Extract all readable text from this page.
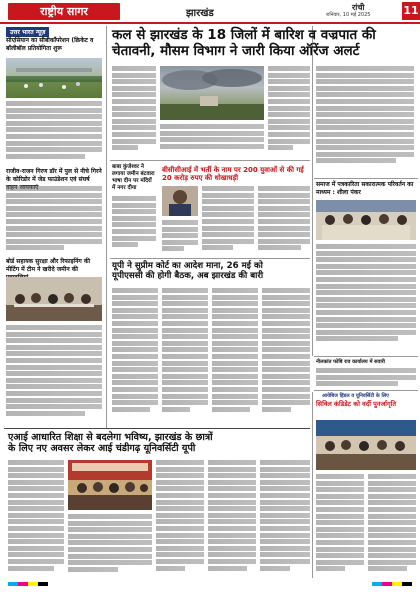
राष्ट्रीय सागर	झारखंड
रांची
शनिवार, 10 मई 2025	11
उत्तर भारत न्यूज़
सीएसियान का सीबीकाँपरेशन (क्रिकेट व बॉलीबॉल प्रतियोगिता शुरू
राजीव-राजन गिरण डॉर में पुल से नीचे गिरने के कोरिडोर में जेड फाउंडेशन एवं संघर्ष
बोर्ड सहायक सुरक्षा और रिफाइनिंग की मीटिंग में टीम ने खरीदे जमीन की
कल से झारखंड के 18 जिलों में बारिश व वज्रपात की
चेतावनी, मौसम विभाग ने जारी किया ऑरेंज अलर्ट
बाबा कुंजेश्वर ने लगाया जमीन बंटवारा भाषा दीन पर मंदिरों में नगर दीया
बीसीसीआई में भर्ती के नाम पर 200 युवाओं से की गई 20 करोड़ रुपए की धोखाधड़ी
समाज में पत्रकारिता सकारात्मक परिवर्तन का माध्यम : शीला पंकर
यूपी ने सुप्रीम कोर्ट का आदेश माना, 26 मई को
यूपीएससी की होगी बैठक, अब झारखंड की बारी
नीलकांत फोबि राव कार्यालय में सवारी
आयेबिज हिंडल व यूनिवर्सिटी के लिए
सिविल कंडिडेट को वर्दी पुनर्जागृति
एआई आधारित शिक्षा से बदलेगा भविष्य, झारखंड के छात्रों
के लिए नए अवसर लेकर आई चंडीगढ़ यूनिवर्सिटी यूपी
